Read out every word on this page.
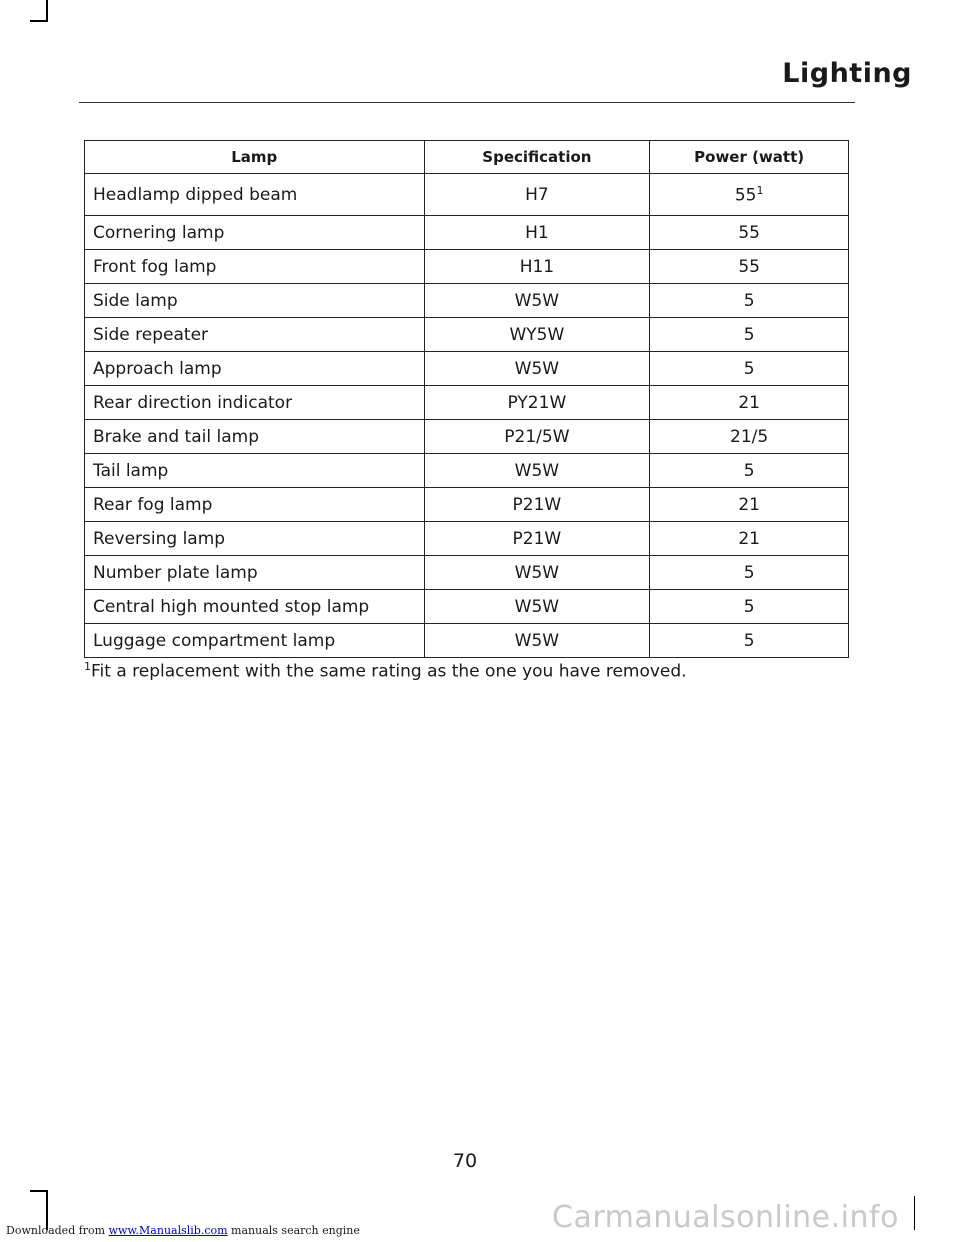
Lighting
Lamp	Specification	Power (watt)
Headlamp dipped beam	H7	$55^1$
Cornering lamp	H1	55
Front fog lamp	H11	55
Side lamp	W5W	5
Side repeater	WY5W	5
Approach lamp	W5W	5
Rear direction indicator	PY21W	21
Brake and tail lamp	P21/5W	21/5
Tail lamp	W5W	5
Rear fog lamp	P21W	21
Reversing lamp	P21W	21
Number plate lamp	W5W	5
Central high mounted stop lamp	W5W	5
Luggage compartment lamp	W5W	5
$^1$Fit a replacement with the same rating as the one you have removed.
70
Carmanualsonline.info
Downloaded from www.Manualslib.com manuals search engine
